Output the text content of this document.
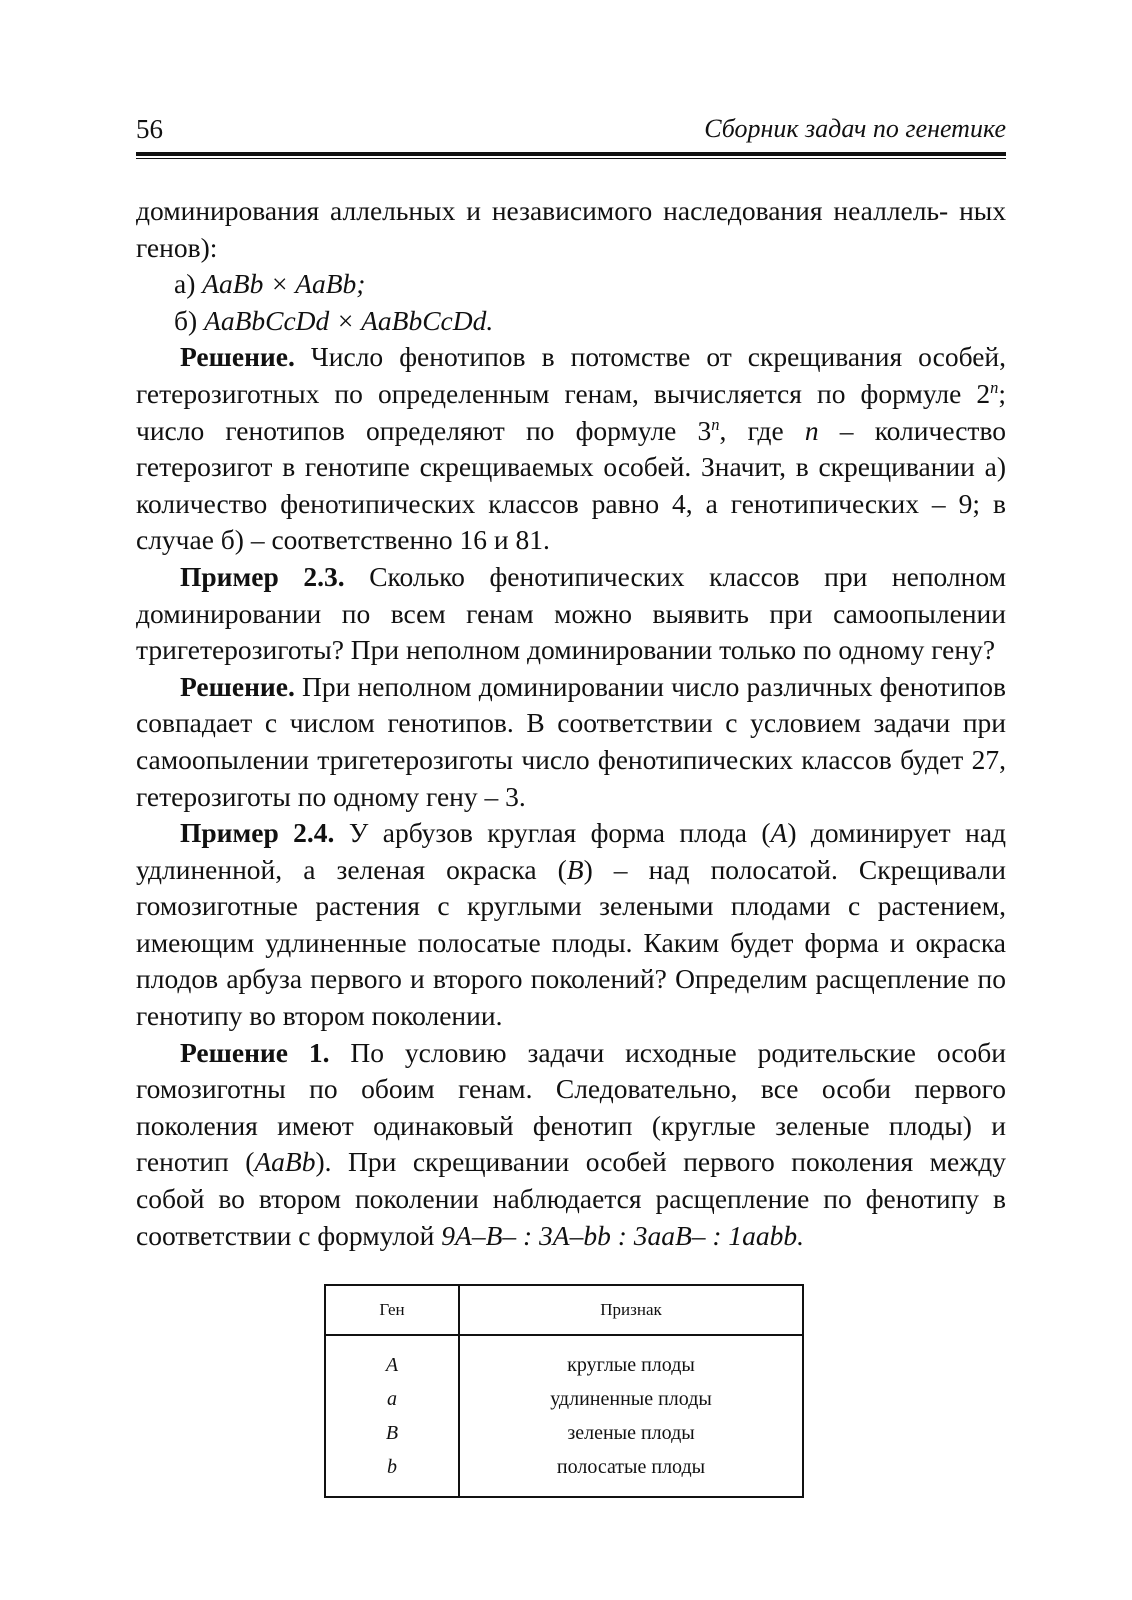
56	Сборник задач по генетике

доминирования аллельных и независимого наследования неаллель- ных генов):

а) AaBb × AaBb;

б) AaBbCcDd × AaBbCcDd.

Решение. Число фенотипов в потомстве от скрещивания особей, гетерозиготных по определенным генам, вычисляется по формуле 2$^n$; число генотипов определяют по формуле 3$^n$, где n – количество гетерозигот в генотипе скрещиваемых особей. Значит, в скрещивании а) количество фенотипических классов равно 4, а генотипических – 9; в случае б) – соответственно 16 и 81.

Пример 2.3. Сколько фенотипических классов при неполном доминировании по всем генам можно выявить при самоопылении тригетерозиготы? При неполном доминировании только по одному гену?

Решение. При неполном доминировании число различных фенотипов совпадает с числом генотипов. В соответствии с условием задачи при самоопылении тригетерозиготы число фенотипических классов будет 27, гетерозиготы по одному гену – 3.

Пример 2.4. У арбузов круглая форма плода (A) доминирует над удлиненной, а зеленая окраска (B) – над полосатой. Скрещивали гомозиготные растения с круглыми зелеными плодами с растением, имеющим удлиненные полосатые плоды. Каким будет форма и окраска плодов арбуза первого и второго поколений? Определим расщепление по генотипу во втором поколении.

Решение 1. По условию задачи исходные родительские особи гомозиготны по обоим генам. Следовательно, все особи первого поколения имеют одинаковый фенотип (круглые зеленые плоды) и генотип (AaBb). При скрещивании особей первого поколения между собой во втором поколении наблюдается расщепление по фенотипу в соответствии с формулой 9A–B– : 3A–bb : 3aaB– : 1aabb.

Ген	Признак
A	круглые плоды
a	удлиненные плоды
B	зеленые плоды
b	полосатые плоды
